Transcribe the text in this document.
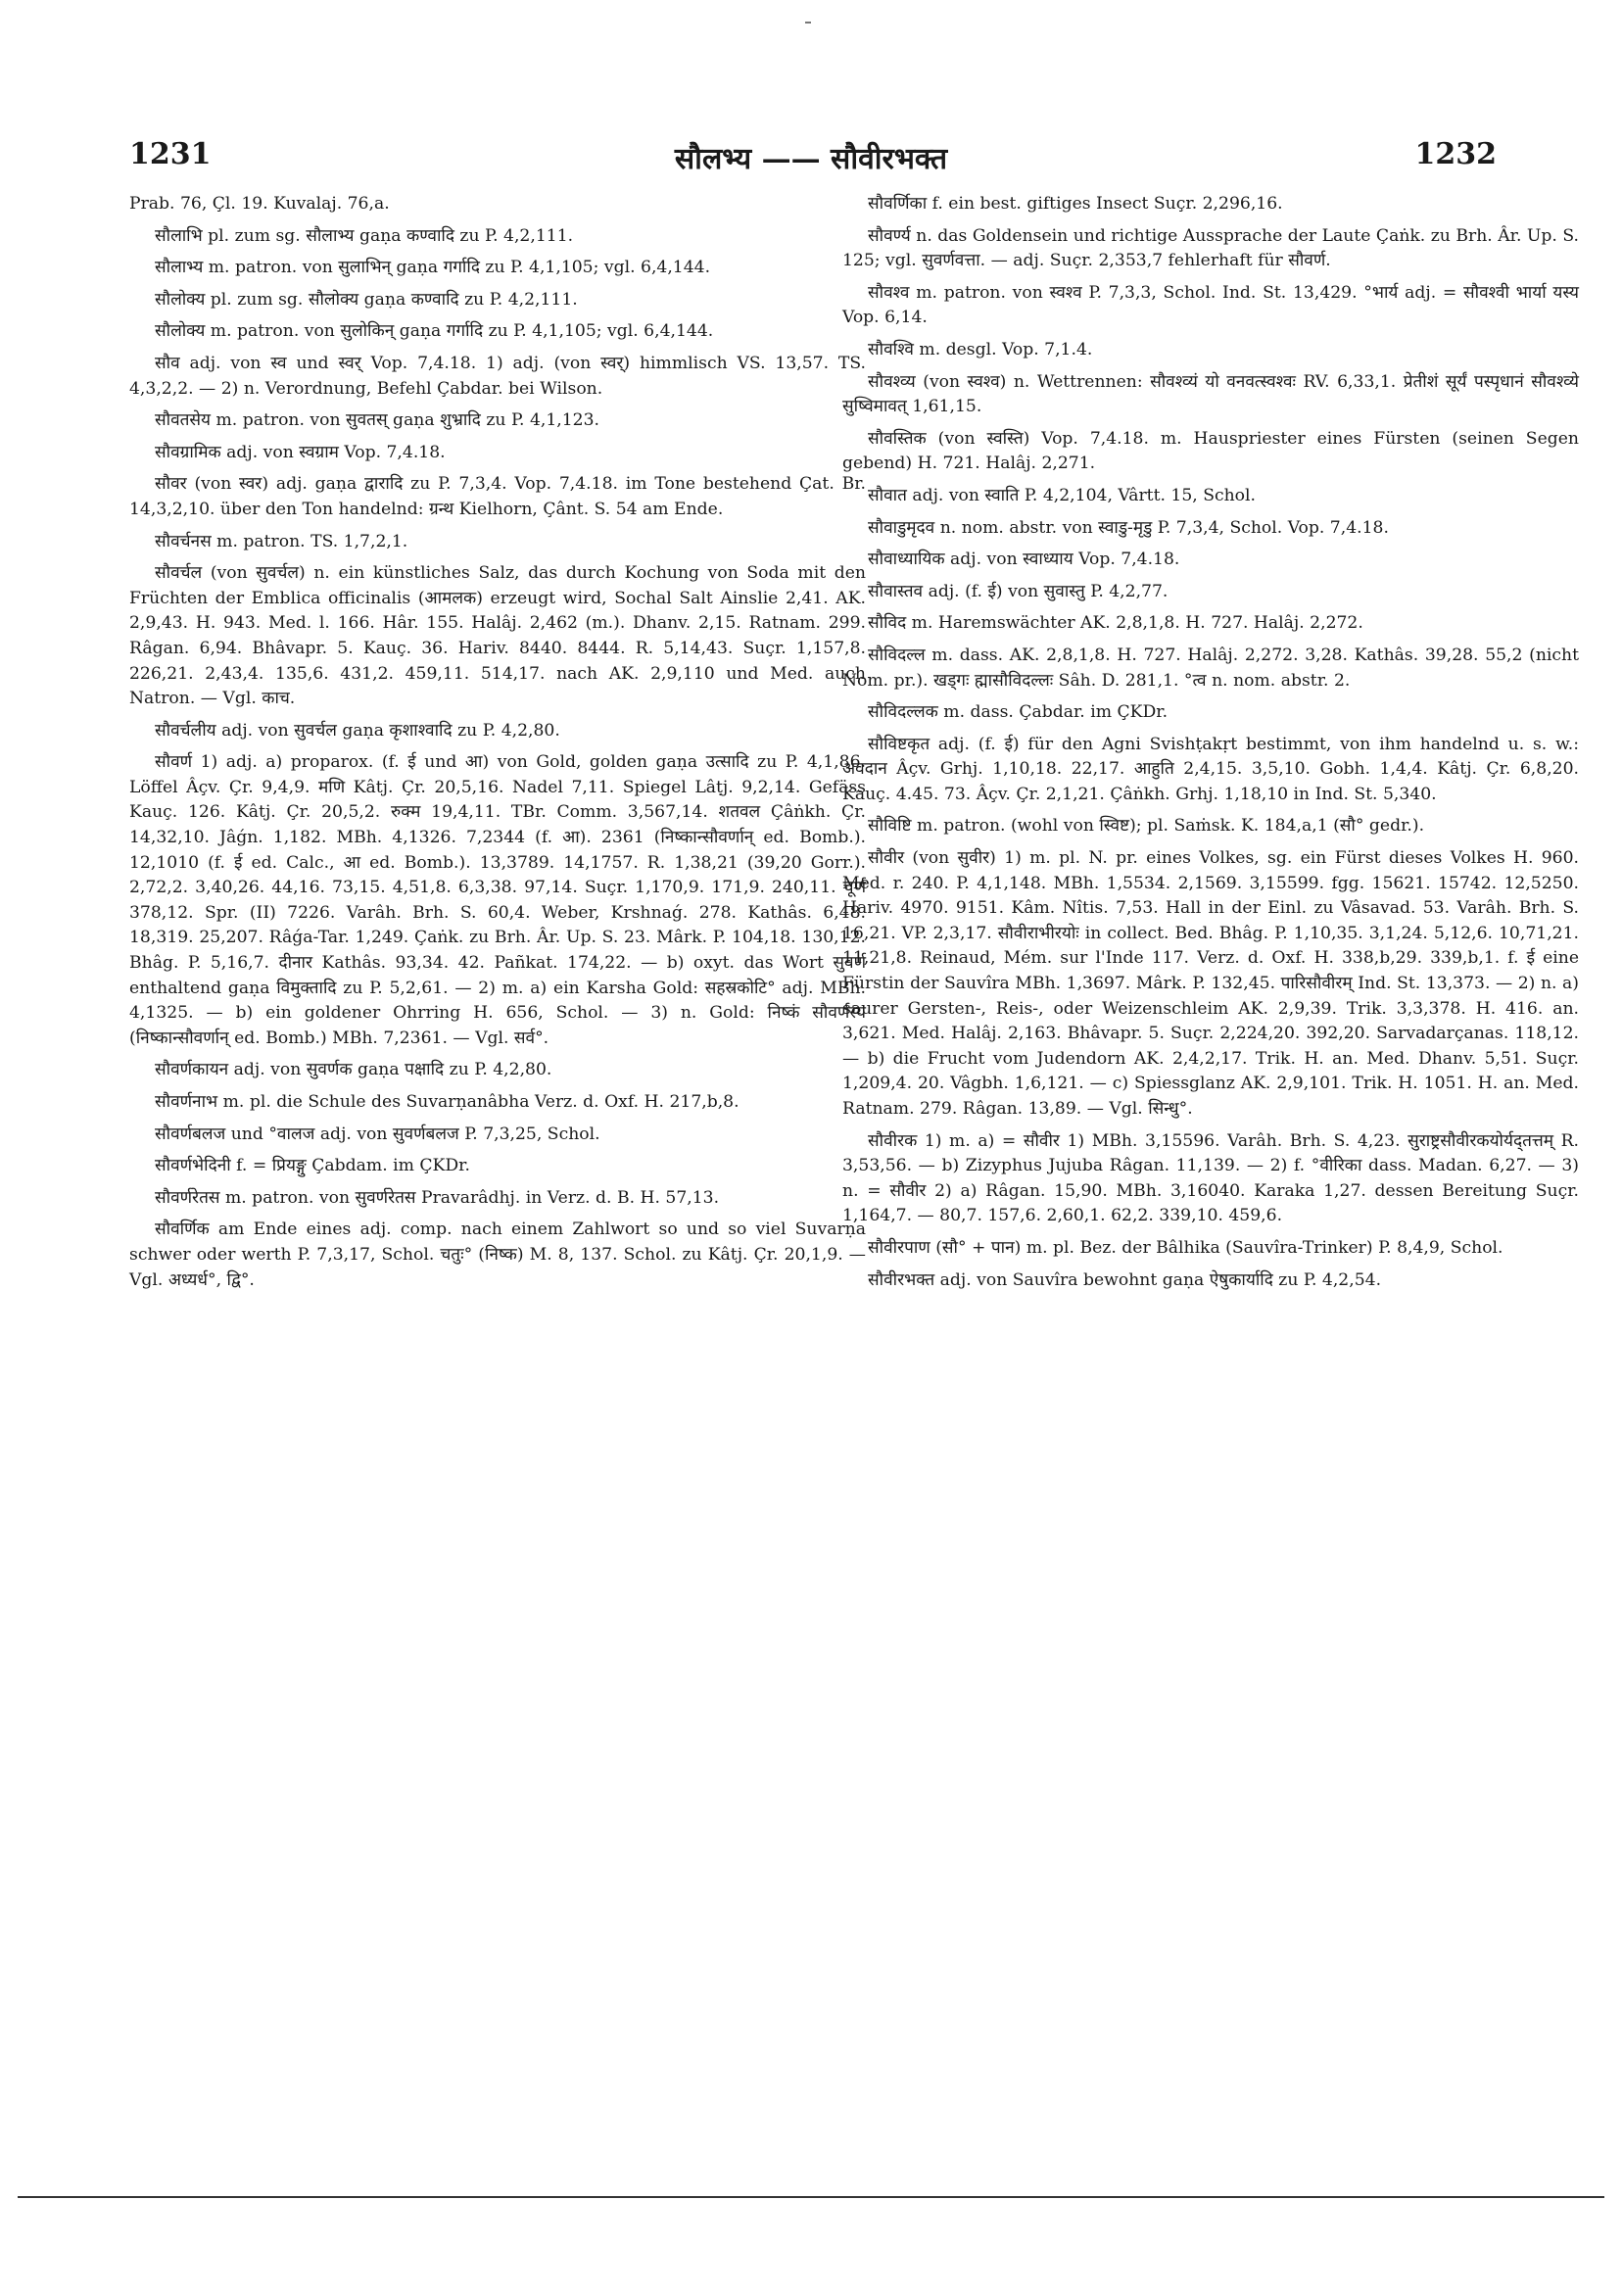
1231	सौलभ्य —— सौवीरभक्त	1232

Prab. 76, Çl. 19. Kuvalaj. 76,a.

सौलाभि pl. zum sg. सौलाभ्य gaṇa कण्वादि zu P. 4,2,111.

सौलाभ्य m. patron. von सुलाभिन् gaṇa गर्गादि zu P. 4,1,105; vgl. 6,4,144.

सौलोक्य pl. zum sg. सौलोक्य gaṇa कण्वादि zu P. 4,2,111.

सौलोक्य m. patron. von सुलोकिन् gaṇa गर्गादि zu P. 4,1,105; vgl. 6,4,144.

सौव adj. von स्व und स्वर् Vop. 7,4.18. 1) adj. (von स्वर्) himmlisch VS. 13,57. TS. 4,3,2,2. — 2) n. Verordnung, Befehl Çabdar. bei Wilson.

सौवतसेय m. patron. von सुवतस् gaṇa शुभ्रादि zu P. 4,1,123.

सौवग्रामिक adj. von स्वग्राम Vop. 7,4.18.

सौवर (von स्वर) adj. gaṇa द्वारादि zu P. 7,3,4. Vop. 7,4.18. im Tone bestehend Çat. Br. 14,3,2,10. über den Ton handelnd: ग्रन्थ Kielhorn, Çânt. S. 54 am Ende.

सौवर्चनस m. patron. TS. 1,7,2,1.

सौवर्चल (von सुवर्चल) n. ein künstliches Salz, das durch Kochung von Soda mit den Früchten der Emblica officinalis (आमलक) erzeugt wird, Sochal Salt Ainslie 2,41. AK. 2,9,43. H. 943. Med. l. 166. Hâr. 155. Halâj. 2,462 (m.). Dhanv. 2,15. Ratnam. 299. Râgan. 6,94. Bhâvapr. 5. Kauç. 36. Hariv. 8440. 8444. R. 5,14,43. Suçr. 1,157,8. 226,21. 2,43,4. 135,6. 431,2. 459,11. 514,17. nach AK. 2,9,110 und Med. auch Natron. — Vgl. काच.

सौवर्चलीय adj. von सुवर्चल gaṇa कृशाश्वादि zu P. 4,2,80.

सौवर्ण 1) adj. a) proparox. (f. ई und आ) von Gold, golden gaṇa उत्सादि zu P. 4,1,86. Löffel Âçv. Çr. 9,4,9. मणि Kâtj. Çr. 20,5,16. Nadel 7,11. Spiegel Lâṭj. 9,2,14. Gefäss Kauç. 126. Kâtj. Çr. 20,5,2. रुक्म 19,4,11. TBr. Comm. 3,567,14. शतवल Çâṅkh. Çr. 14,32,10. Jâǵn. 1,182. MBh. 4,1326. 7,2344 (f. आ). 2361 (निष्कान्सौवर्णान् ed. Bomb.). 12,1010 (f. ई ed. Calc., आ ed. Bomb.). 13,3789. 14,1757. R. 1,38,21 (39,20 Gorr.). 2,72,2. 3,40,26. 44,16. 73,15. 4,51,8. 6,3,38. 97,14. Suçr. 1,170,9. 171,9. 240,11. चूर्ण 378,12. Spr. (II) 7226. Varâh. Brh. S. 60,4. Weber, Krshnaǵ. 278. Kathâs. 6,48. 18,319. 25,207. Râǵa-Tar. 1,249. Çaṅk. zu Brh. Âr. Up. S. 23. Mârk. P. 104,18. 130,12. Bhâg. P. 5,16,7. दीनार Kathâs. 93,34. 42. Pañkat. 174,22. — b) oxyt. das Wort सुवर्ण enthaltend gaṇa विमुक्तादि zu P. 5,2,61. — 2) m. a) ein Karsha Gold: सहस्रकोटि° adj. MBh. 4,1325. — b) ein goldener Ohrring H. 656, Schol. — 3) n. Gold: निष्कं सौवर्णस्य (निष्कान्सौवर्णान् ed. Bomb.) MBh. 7,2361. — Vgl. सर्व°.

सौवर्णकायन adj. von सुवर्णक gaṇa पक्षादि zu P. 4,2,80.

सौवर्णनाभ m. pl. die Schule des Suvarṇanâbha Verz. d. Oxf. H. 217,b,8.

सौवर्णबलज und °वालज adj. von सुवर्णबलज P. 7,3,25, Schol.

सौवर्णभेदिनी f. = प्रियङ्गु Çabdam. im ÇKDr.

सौवर्णरेतस m. patron. von सुवर्णरेतस Pravarâdhj. in Verz. d. B. H. 57,13.

सौवर्णिक am Ende eines adj. comp. nach einem Zahlwort so und so viel Suvarṇa schwer oder werth P. 7,3,17, Schol. चतुः° (निष्क) M. 8, 137. Schol. zu Kâtj. Çr. 20,1,9. — Vgl. अध्यर्ध°, द्वि°.

सौवर्णिका f. ein best. giftiges Insect Suçr. 2,296,16.

सौवर्ण्य n. das Goldensein und richtige Aussprache der Laute Çaṅk. zu Brh. Âr. Up. S. 125; vgl. सुवर्णवत्ता. — adj. Suçr. 2,353,7 fehlerhaft für सौवर्ण.

सौवश्व m. patron. von स्वश्व P. 7,3,3, Schol. Ind. St. 13,429. °भार्य adj. = सौवश्वी भार्या यस्य Vop. 6,14.

सौवश्वि m. desgl. Vop. 7,1.4.

सौवश्व्य (von स्वश्व) n. Wettrennen: सौवश्व्यं यो वनवत्स्वश्वः RV. 6,33,1. प्रेतीशं सूर्यं पस्पृधानं सौवश्व्ये सुष्विमावत् 1,61,15.

सौवस्तिक (von स्वस्ति) Vop. 7,4.18. m. Hauspriester eines Fürsten (seinen Segen gebend) H. 721. Halâj. 2,271.

सौवात adj. von स्वाति P. 4,2,104, Vârtt. 15, Schol.

सौवाडुमृदव n. nom. abstr. von स्वाडु-मृडु P. 7,3,4, Schol. Vop. 7,4.18.

सौवाध्यायिक adj. von स्वाध्याय Vop. 7,4.18.

सौवास्तव adj. (f. ई) von सुवास्तु P. 4,2,77.

सौविद m. Haremswächter AK. 2,8,1,8. H. 727. Halâj. 2,272.

सौविदल्ल m. dass. AK. 2,8,1,8. H. 727. Halâj. 2,272. 3,28. Kathâs. 39,28. 55,2 (nicht Nom. pr.). खड्गः ह्मासौविदल्लः Sâh. D. 281,1. °त्व n. nom. abstr. 2.

सौविदल्लक m. dass. Çabdar. im ÇKDr.

सौविष्टकृत adj. (f. ई) für den Agni Svishṭakṛt bestimmt, von ihm handelnd u. s. w.: अवदान Âçv. Grhj. 1,10,18. 22,17. आहुति 2,4,15. 3,5,10. Gobh. 1,4,4. Kâtj. Çr. 6,8,20. Kauç. 4.45. 73. Âçv. Çr. 2,1,21. Çâṅkh. Grhj. 1,18,10 in Ind. St. 5,340.

सौविष्टि m. patron. (wohl von स्विष्ट); pl. Saṁsk. K. 184,a,1 (सौ° gedr.).

सौवीर (von सुवीर) 1) m. pl. N. pr. eines Volkes, sg. ein Fürst dieses Volkes H. 960. Med. r. 240. P. 4,1,148. MBh. 1,5534. 2,1569. 3,15599. fgg. 15621. 15742. 12,5250. Hariv. 4970. 9151. Kâm. Nîtis. 7,53. Hall in der Einl. zu Vâsavad. 53. Varâh. Brh. S. 16,21. VP. 2,3,17. सौवीराभीरयोः in collect. Bed. Bhâg. P. 1,10,35. 3,1,24. 5,12,6. 10,71,21. 11,21,8. Reinaud, Mém. sur l'Inde 117. Verz. d. Oxf. H. 338,b,29. 339,b,1. f. ई eine Fürstin der Sauvîra MBh. 1,3697. Mârk. P. 132,45. पारिसौवीरम् Ind. St. 13,373. — 2) n. a) saurer Gersten-, Reis-, oder Weizenschleim AK. 2,9,39. Trik. 3,3,378. H. 416. an. 3,621. Med. Halâj. 2,163. Bhâvapr. 5. Suçr. 2,224,20. 392,20. Sarvadarçanas. 118,12. — b) die Frucht vom Judendorn AK. 2,4,2,17. Trik. H. an. Med. Dhanv. 5,51. Suçr. 1,209,4. 20. Vâgbh. 1,6,121. — c) Spiessglanz AK. 2,9,101. Trik. H. 1051. H. an. Med. Ratnam. 279. Râgan. 13,89. — Vgl. सिन्धु°.

सौवीरक 1) m. a) = सौवीर 1) MBh. 3,15596. Varâh. Brh. S. 4,23. सुराष्ट्रसौवीरकयोर्यद्तत्तम् R. 3,53,56. — b) Zizyphus Jujuba Râgan. 11,139. — 2) f. °वीरिका dass. Madan. 6,27. — 3) n. = सौवीर 2) a) Râgan. 15,90. MBh. 3,16040. Karaka 1,27. dessen Bereitung Suçr. 1,164,7. — 80,7. 157,6. 2,60,1. 62,2. 339,10. 459,6.

सौवीरपाण (सौ° + पान) m. pl. Bez. der Bâlhika (Sauvîra-Trinker) P. 8,4,9, Schol.

सौवीरभक्त adj. von Sauvîra bewohnt gaṇa ऐषुकार्यादि zu P. 4,2,54.
